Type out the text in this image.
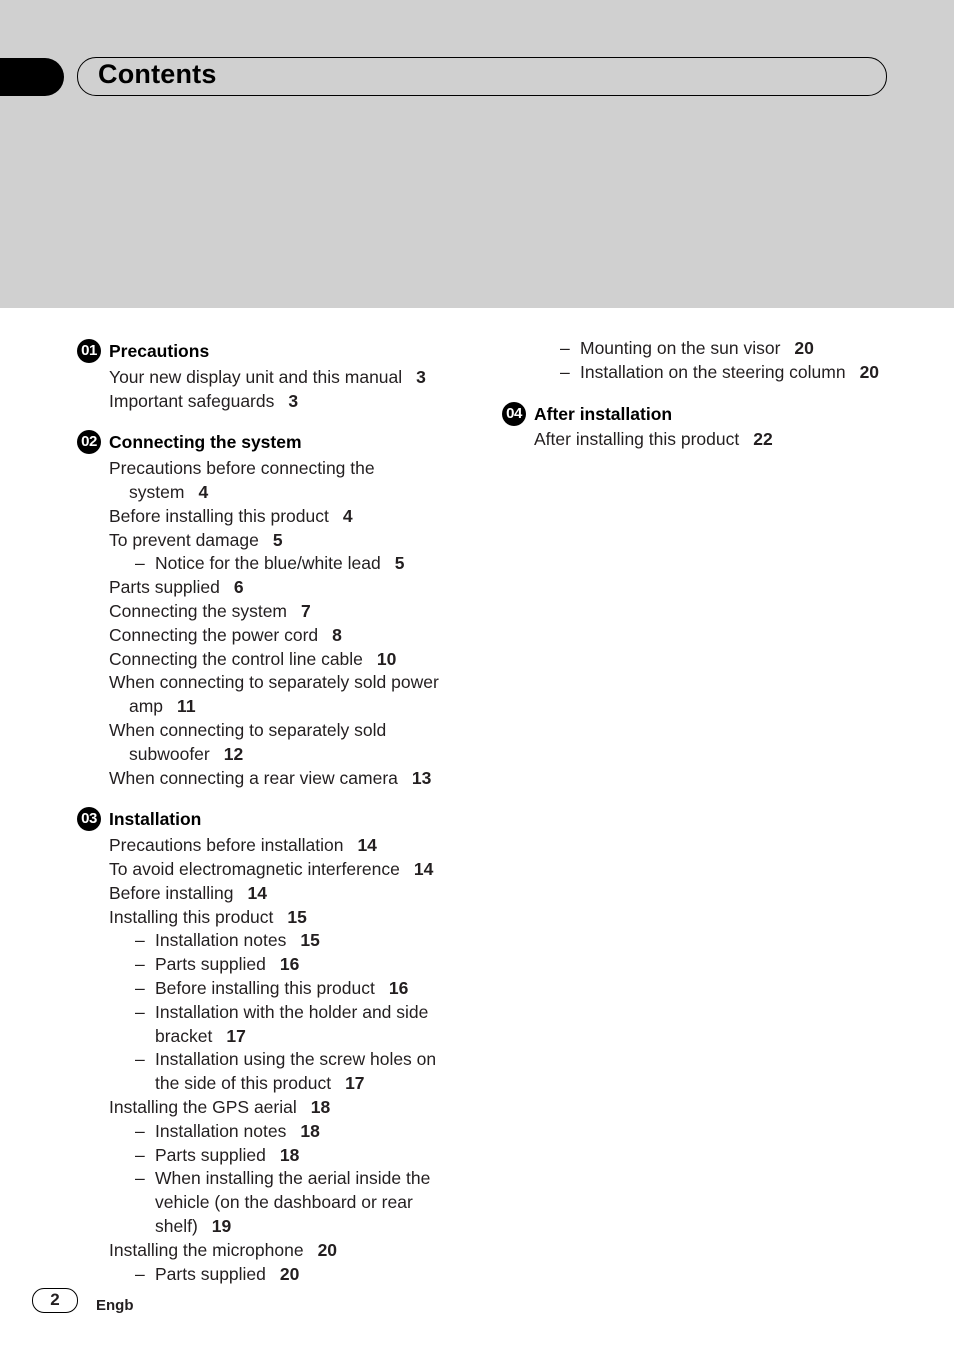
Contents
01 Precautions
Your new display unit and this manual 3
Important safeguards 3
02 Connecting the system
Precautions before connecting the
system 4
Before installing this product 4
To prevent damage 5
– Notice for the blue/white lead 5
Parts supplied 6
Connecting the system 7
Connecting the power cord 8
Connecting the control line cable 10
When connecting to separately sold power
amp 11
When connecting to separately sold
subwoofer 12
When connecting a rear view camera 13
03 Installation
Precautions before installation 14
To avoid electromagnetic interference 14
Before installing 14
Installing this product 15
– Installation notes 15
– Parts supplied 16
– Before installing this product 16
– Installation with the holder and side
bracket 17
– Installation using the screw holes on
the side of this product 17
Installing the GPS aerial 18
– Installation notes 18
– Parts supplied 18
– When installing the aerial inside the
vehicle (on the dashboard or rear
shelf) 19
Installing the microphone 20
– Parts supplied 20
– Mounting on the sun visor 20
– Installation on the steering column 20
04 After installation
After installing this product 22
2	Engb
